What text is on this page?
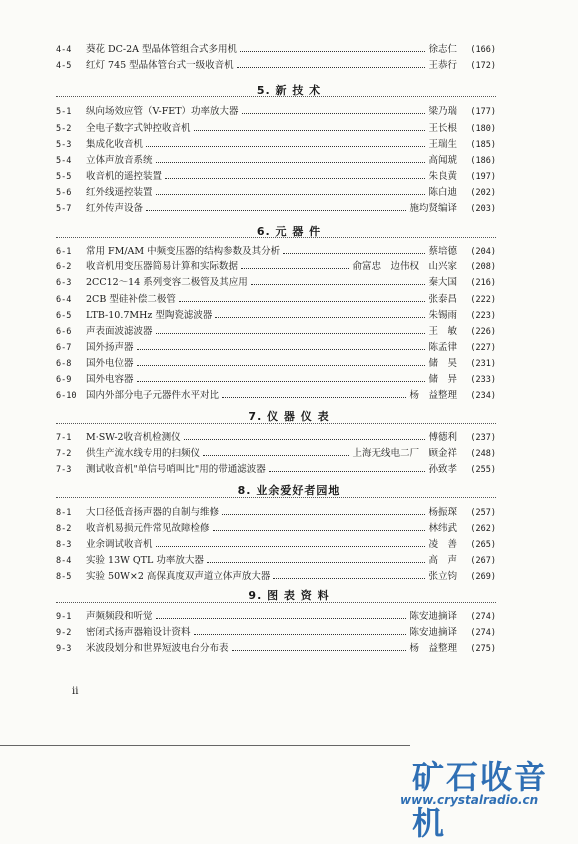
5. 新 技 术
6. 元 器 件
7. 仪 器 仪 表
8. 业余爱好者园地
9. 图 表 资 料
4-4	葵花 DC-2A 型晶体管组合式多用机	徐志仁	(166)
4-5	红灯 745 型晶体管台式一级收音机	王恭行	(172)
5-1	纵向场效应管（V-FET）功率放大器	梁乃瑞	(177)
5-2	全电子数字式钟控收音机	王长根	(180)
5-3	集成化收音机	王瑞生	(185)
5-4	立体声放音系统	高闻琥	(186)
5-5	收音机的遥控装置	朱良黄	(197)
5-6	红外线遥控装置	陈白迪	(202)
5-7	红外传声设备	施均贤编译	(203)
6-1	常用 FM/AM 中频变压器的结构参数及其分析	蔡培德	(204)
6-2	收音机用变压器简易计算和实际数据	俞富忠　边伟权　山兴家	(208)
6-3	2CC12～14 系列变容二极管及其应用	秦大国	(216)
6-4	2CB 型硅补偿二极管	张泰昌	(222)
6-5	LTB-10.7MHz 型陶瓷滤波器	朱锡雨	(223)
6-6	声表面波滤波器	王　敏	(226)
6-7	国外扬声器	陈孟律	(227)
6-8	国外电位器	储　昊	(231)
6-9	国外电容器	储　异	(233)
6-10	国内外部分电子元器件水平对比	杨　益整理	(234)
7-1	M·SW-2收音机检测仪	傅德利	(237)
7-2	供生产流水线专用的扫频仪	上海无线电二厂　顾金祥	(248)
7-3	测试收音机"单信号哨叫比"用的带通滤波器	孙致孝	(255)
8-1	大口径低音扬声器的自制与维修	杨振琛	(257)
8-2	收音机易损元件常见故障检修	林纬武	(262)
8-3	业余调试收音机	凌　善	(265)
8-4	实验 13W QTL 功率放大器	高　声	(267)
8-5	实验 50W×2 高保真度双声道立体声放大器	张立钧	(269)
9-1	声频频段和听觉	陈安迪摘译	(274)
9-2	密闭式扬声器箱设计资料	陈安迪摘译	(274)
9-3	米波段划分和世界短波电台分布表	杨　益整理	(275)
ii
矿石收音机
www.crystalradio.cn
